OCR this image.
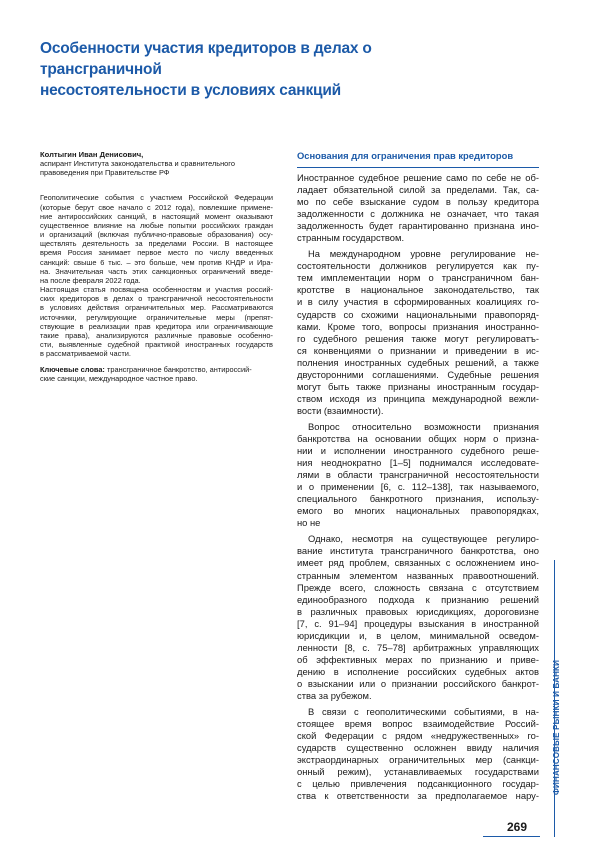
Особенности участия кредиторов в делах о трансграничной
несостоятельности в условиях санкций

Колтыгин Иван Денисович,

аспирант Института законодательства и сравнительного
правоведения при Правительстве РФ

Геополитические события с участием Российской Федерации
(которые берут свое начало с 2012 года), повлекшие примене-
ние антироссийских санкций, в настоящий момент оказывают
существенное влияние на любые попытки российских граждан
и организаций (включая публично-правовые образования) осу-
ществлять деятельность за пределами России. В настоящее
время Россия занимает первое место по числу введенных
санкций: свыше 6 тыс. – это больше, чем против КНДР и Ира-
на. Значительная часть этих санкционных ограничений введе-
на после февраля 2022 года.
Настоящая статья посвящена особенностям и участия россий-
ских кредиторов в делах о трансграничной несостоятельности
в условиях действия ограничительных мер. Рассматриваются
источники, регулирующие ограничительные меры (препят-
ствующие в реализации прав кредитора или ограничивающие
такие права), анализируются различные правовые особенно-
сти, выявленные судебной практикой иностранных государств
в рассматриваемой части.
Ключевые слова: трансграничное банкротство, антироссий-
ские санкции, международное частное право.
Основания для ограничения прав кредиторов
Иностранное судебное решение само по себе не об-
ладает обязательной силой за пределами. Так, са-
мо по себе взыскание судом в пользу кредитора
задолженности с должника не означает, что такая
задолженность будет гарантированно признана ино-
странным государством.
На международном уровне регулирование не-
состоятельности должников регулируется как пу-
тем имплементации норм о трансграничном бан-
кротстве в национальное законодательство, так
и в силу участия в сформированных коалициях го-
сударств со схожими национальными правопоряд-
ками. Кроме того, вопросы признания иностранно-
го судебного решения также могут регулироватъ-
ся конвенциями о признании и приведении в ис-
полнения иностранных судебных решений, а также
двусторонними соглашениями. Судебные решения
могут быть также признаны иностранным государ-
ством исходя из принципа международной вежли-
вости (взаимности).
Вопрос относительно возможности признания
банкротства на основании общих норм о призна-
нии и исполнении иностранного судебного реше-
ния неоднократно [1–5] поднимался исследовате-
лями в области трансграничной несостоятельности
и о применении [6, с. 112–138], так называемого,
специального банкротного признания, использу-
емого во многих национальных правопорядках,
но не
Однако, несмотря на существующее регулиро-
вание института трансграничного банкротства, оно
имеет ряд проблем, связанных с осложнением ино-
странным элементом названных правоотношений.
Прежде всего, сложность связана с отсутствием
единообразного подхода к признанию решений
в различных правовых юрисдикциях, дороговизне
[7, с. 91–94] процедуры взыскания в иностранной
юрисдикции и, в целом, минимальной осведом-
ленности [8, с. 75–78] арбитражных управляющих
об эффективных мерах по признанию и приве-
дению в исполнение российских судебных актов
о взыскании или о признании российского банкрот-
ства за рубежом.
В связи с геополитическими событиями, в на-
стоящее время вопрос взаимодействие Россий-
ской Федерации с рядом «недружественных» го-
сударств существенно осложнен ввиду наличия
экстраординарных ограничительных мер (санкци-
онный режим), устанавливаемых государствами
с целью привлечения подсанкционного государ-
ства к ответственности за предполагаемое нару-
ФИНАНСОВЫЕ РЫНКИ И БАНКИ
269
